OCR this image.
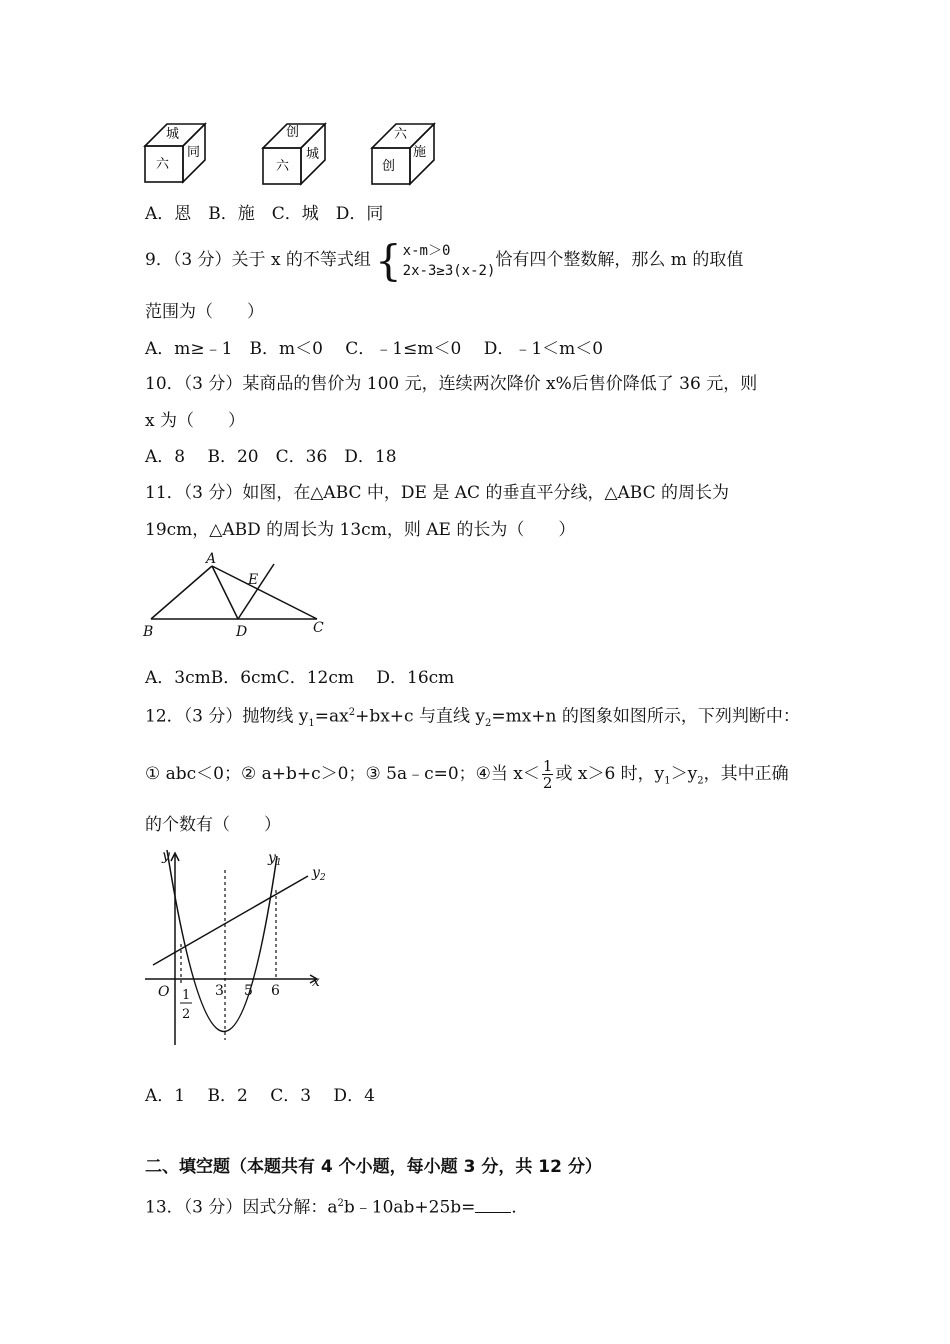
城
六
同
创
六
城
六
创
施
A．恩　B．施　C．城　D．同
9．（3 分）关于 x 的不等式组{ x-m＞0
2x-3≥3(x-2)
恰有四个整数解，那么 m 的取值
范围为（　　）
A．m≥﹣1　B．m＜0　 C．﹣1≤m＜0　 D．﹣1＜m＜0
10．（3 分）某商品的售价为 100 元，连续两次降价 x%后售价降低了 36 元，则
x 为（　　）
A．8　 B．20　C．36　D．18
11．（3 分）如图，在△ABC 中，DE 是 AC 的垂直平分线，△ABC 的周长为
19cm，△ABD 的周长为 13cm，则 AE 的长为（　　）
A
E
B	D	C
A．3cmB．6cmC．12cm　 D．16cm
12．（3 分）抛物线 $y_1=ax^2+bx+c$ 与直线 $y_2=mx+n$ 的图象如图所示，下列判断中：
① abc＜0；② a+b+c＞0；③ 5a﹣c=0；④当 $x< \frac{1}{2}$ 或 x＞6 时，$y_1>y_2$，其中正确
的个数有（　　）
y
x
O
$y_1$
$y_2$
3 5 6
1
2
A．1　 B．2　 C．3　 D．4
二、填空题（本题共有 4 个小题，每小题 3 分，共 12 分）
13．（3 分）因式分解：$a^2b﹣10ab+25b=$ ．
